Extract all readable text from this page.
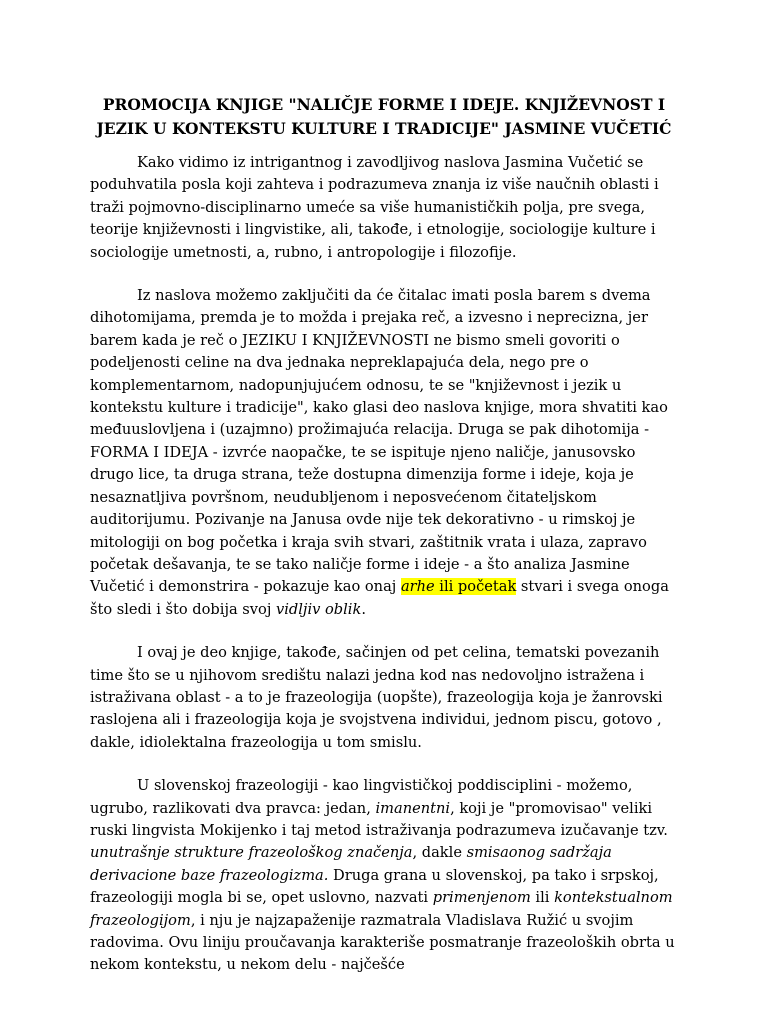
PROMOCIJA KNJIGE "NALIČJE FORME I IDEJE. KNJIŽEVNOST I JEZIK U KONTEKSTU KULTURE I TRADICIJE" JASMINE VUČETIĆ

Kako vidimo iz intrigantnog i zavodljivog naslova Jasmina Vučetić se poduhvatila posla koji zahteva i podrazumeva znanja iz više naučnih oblasti i traži pojmovno-disciplinarno umeće sa više humanističkih polja, pre svega, teorije književnosti i lingvistike, ali, takođe, i etnologije, sociologije kulture i sociologije umetnosti, a, rubno, i antropologije i filozofije.

Iz naslova možemo zaključiti da će čitalac imati posla barem s dvema dihotomijama, premda je to možda i prejaka reč, a izvesno i neprecizna, jer barem kada je reč o JEZIKU I KNJIŽEVNOSTI ne bismo smeli govoriti o podeljenosti celine na dva jednaka nepreklapajuća dela, nego pre o komplementarnom, nadopunjujućem odnosu, te se "književnost i jezik u kontekstu kulture i tradicije", kako glasi deo naslova knjige, mora shvatiti kao međuuslovljena i (uzajmno) prožimajuća relacija. Druga se pak dihotomija - FORMA I IDEJA - izvrće naopačke, te se ispituje njeno naličje, janusovsko drugo lice, ta druga strana, teže dostupna dimenzija forme i ideje, koja je nesaznatljiva površnom, neudubljenom i neposvećenom čitateljskom auditorijumu. Pozivanje na Janusa ovde nije tek dekorativno - u rimskoj je mitologiji on bog početka i kraja svih stvari, zaštitnik vrata i ulaza, zapravo početak dešavanja, te se tako naličje forme i ideje - a što analiza Jasmine Vučetić i demonstrira - pokazuje kao onaj arhe ili početak stvari i svega onoga što sledi i što dobija svoj vidljiv oblik.

I ovaj je deo knjige, takođe, sačinjen od pet celina, tematski povezanih time što se u njihovom središtu nalazi jedna kod nas nedovoljno istražena i istraživana oblast - a to je frazeologija (uopšte), frazeologija koja je žanrovski raslojena ali i frazeologija koja je svojstvena individui, jednom piscu, gotovo , dakle, idiolektalna frazeologija u tom smislu.

U slovenskoj frazeologiji - kao lingvističkoj poddisciplini - možemo, ugrubo, razlikovati dva pravca: jedan, imanentni, koji je "promovisao" veliki ruski lingvista Mokijenko i taj metod istraživanja podrazumeva izučavanje tzv. unutrašnje strukture frazeološkog značenja, dakle smisaonog sadržaja derivacione baze frazeologizma. Druga grana u slovenskoj, pa tako i srpskoj, frazeologiji mogla bi se, opet uslovno, nazvati primenjenom ili kontekstualnom frazeologijom, i nju je najzapaženije razmatrala Vladislava Ružić u svojim radovima. Ovu liniju proučavanja karakteriše posmatranje frazeoloških obrta u nekom kontekstu, u nekom delu - najčešće
